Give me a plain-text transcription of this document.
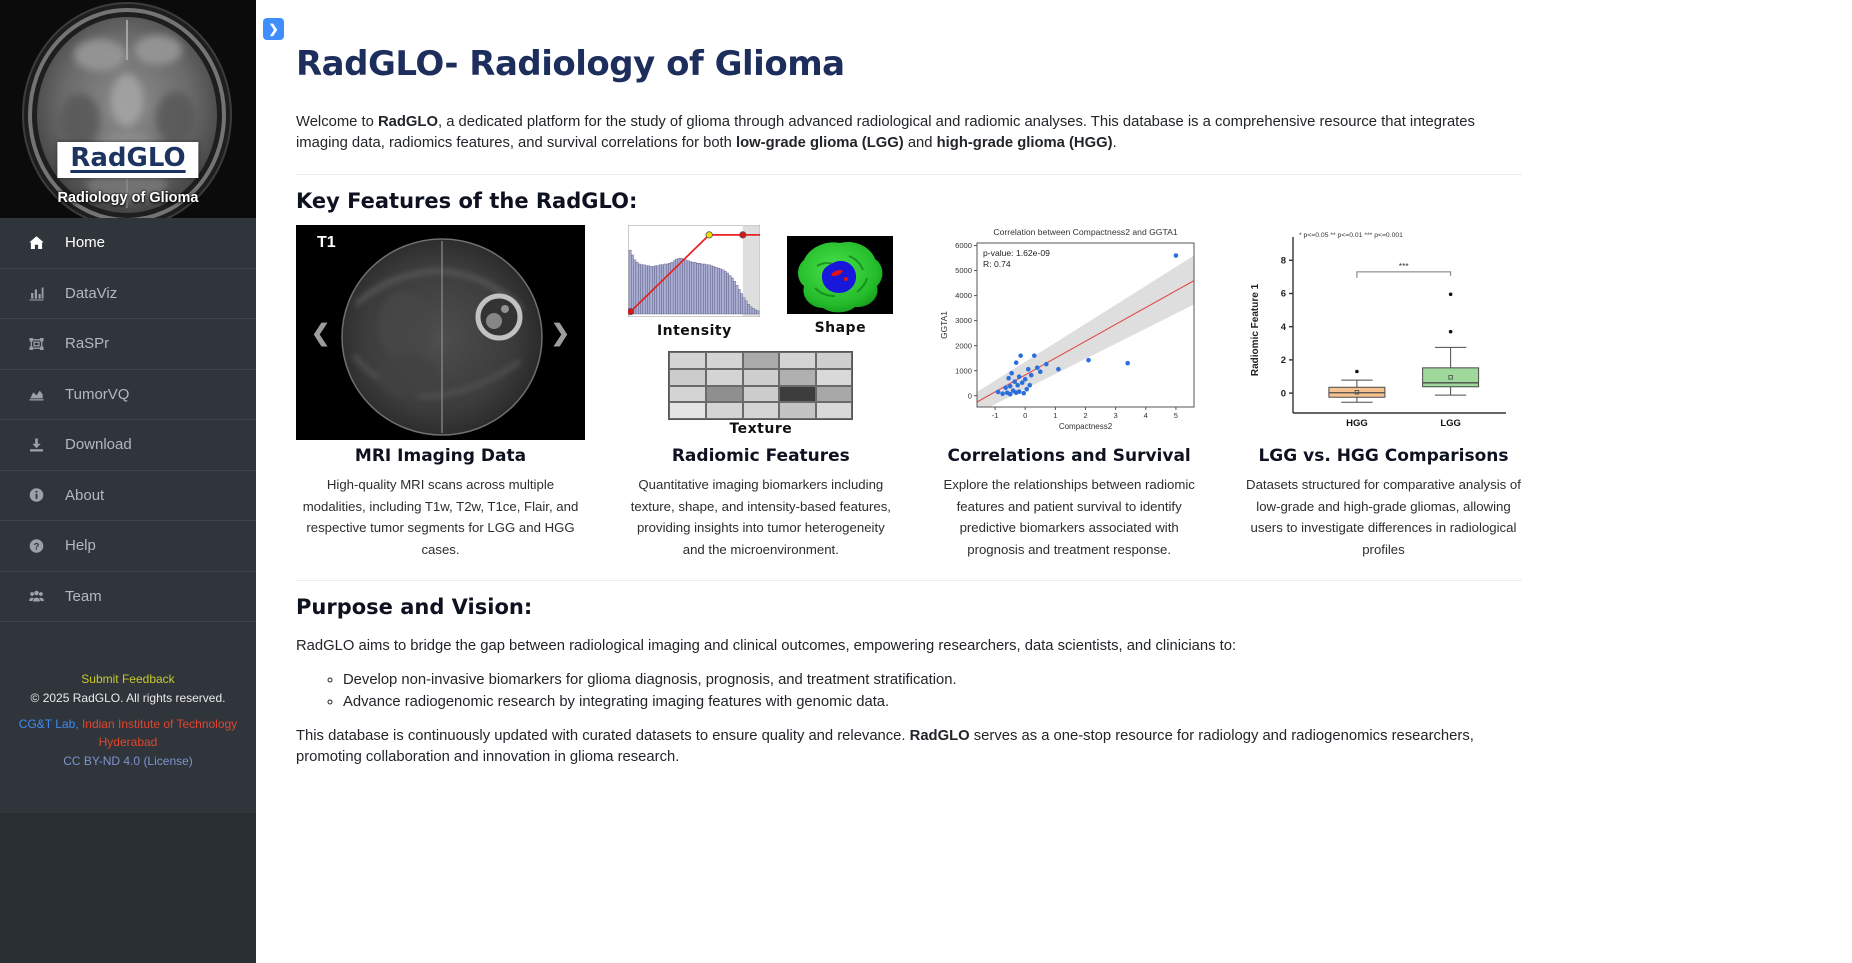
RadGLO
Radiology of Glioma
Home
DataViz
RaSPr
TumorVQ
Download
About
? Help
Team
Submit Feedback
© 2025 RadGLO. All rights reserved.
CG&T Lab, Indian Institute of Technology
Hyderabad
CC BY-ND 4.0 (License)
❯
RadGLO- Radiology of Glioma

Welcome to RadGLO, a dedicated platform for the study of glioma through advanced radiological and radiomic analyses. This database is a comprehensive resource that integrates imaging data, radiomics features, and survival correlations for both low-grade glioma (LGG) and high-grade glioma (HGG).

Key Features of the RadGLO:
T1
❮	❯
MRI Imaging Data
High-quality MRI scans across multiple modalities, including T1w, T2w, T1ce, Flair, and respective tumor segments for LGG and HGG cases.
Intensity	Shape
Texture
Radiomic Features
Quantitative imaging biomarkers including texture, shape, and intensity-based features, providing insights into tumor heterogeneity and the microenvironment.
Correlation between Compactness2 and GGTA1
0
1000
2000
3000
4000
5000
6000
-1	0	1	2	3	4	5
Compactness2
GGTA1
p-value: 1.62e-09
R: 0.74
Correlations and Survival
Explore the relationships between radiomic features and patient survival to identify predictive biomarkers associated with prognosis and treatment response.
* p<=0.05 ** p<=0.01 *** p<=0.001
0
2
4
6
8
Radiomic Feature 1
HGG	LGG
***
LGG vs. HGG Comparisons
Datasets structured for comparative analysis of low-grade and high-grade gliomas, allowing users to investigate differences in radiological profiles
Purpose and Vision:

RadGLO aims to bridge the gap between radiological imaging and clinical outcomes, empowering researchers, data scientists, and clinicians to:

◦ Develop non-invasive biomarkers for glioma diagnosis, prognosis, and treatment stratification.
◦ Advance radiogenomic research by integrating imaging features with genomic data.

This database is continuously updated with curated datasets to ensure quality and relevance. RadGLO serves as a one-stop resource for radiology and radiogenomics researchers, promoting collaboration and innovation in glioma research.
